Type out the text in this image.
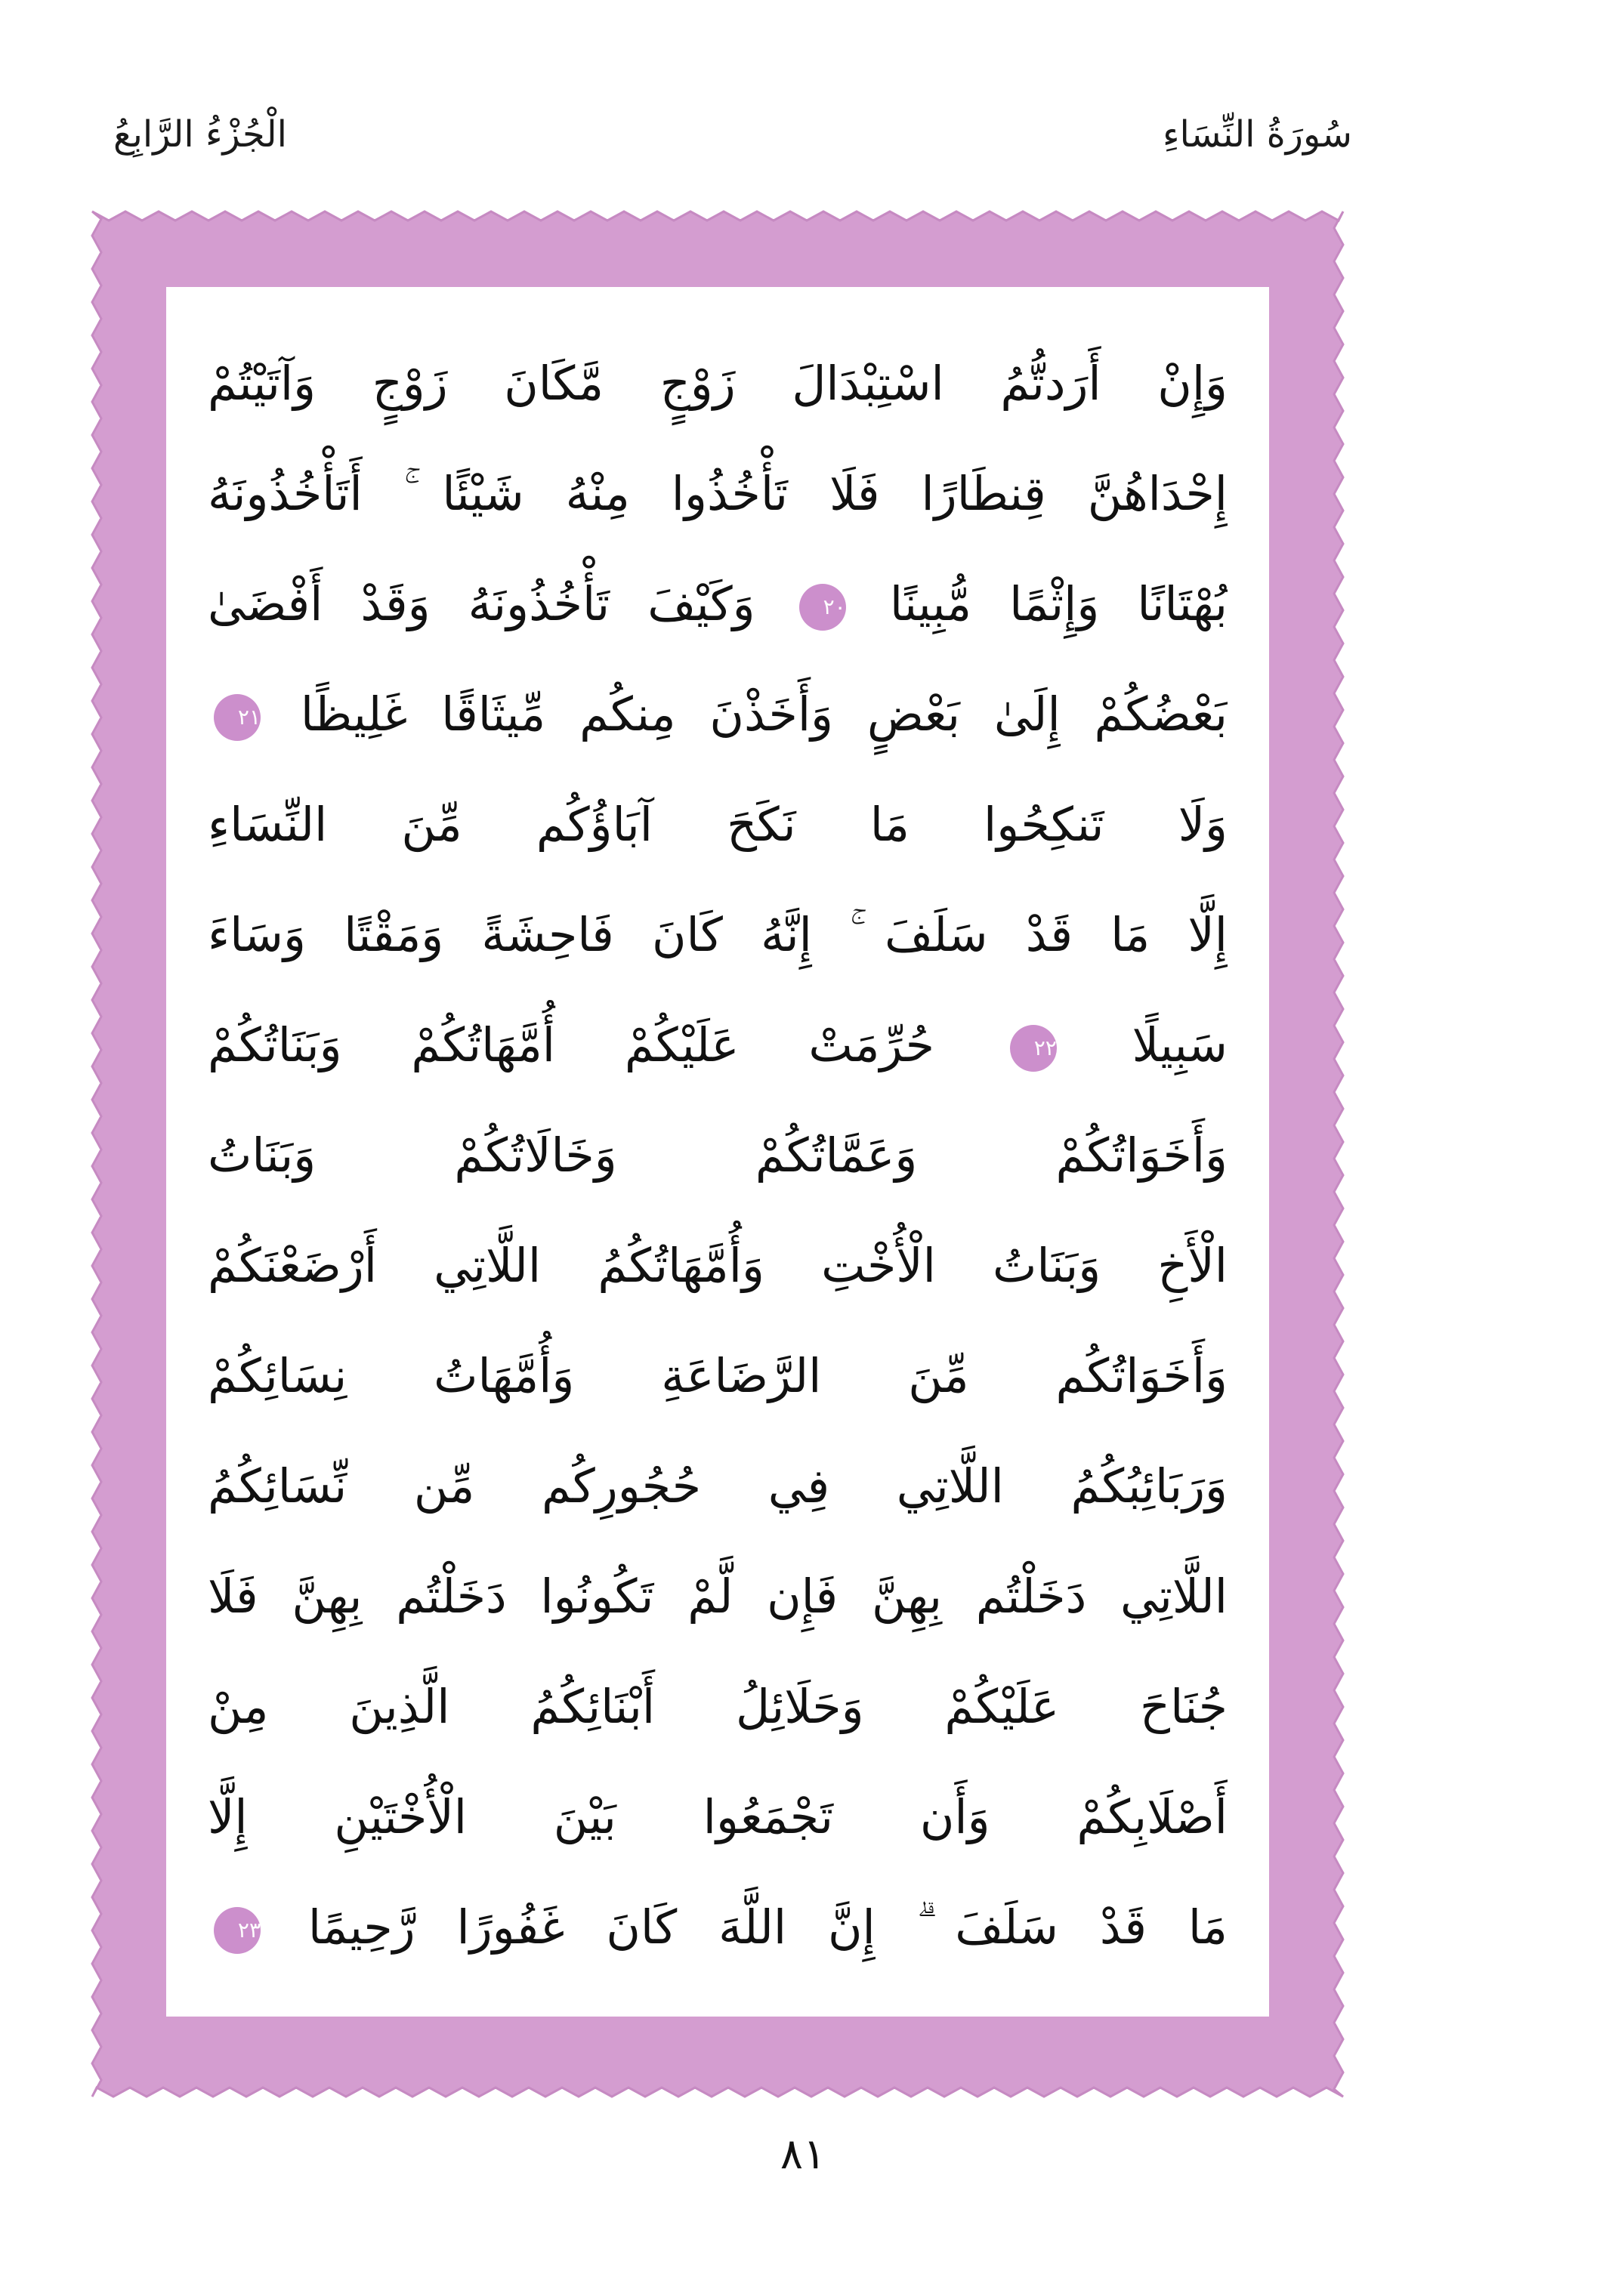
الْجُزْءُ الرَّابِعُ	سُورَةُ النِّسَاءِ
وَإِنْ أَرَدتُّمُ اسْتِبْدَالَ زَوْجٍ مَّكَانَ زَوْجٍ وَآتَيْتُمْ
إِحْدَاهُنَّ قِنطَارًا فَلَا تَأْخُذُوا مِنْهُ شَيْئًا ۚ أَتَأْخُذُونَهُ
بُهْتَانًا وَإِثْمًا مُّبِينًا ٢٠ وَكَيْفَ تَأْخُذُونَهُ وَقَدْ أَفْضَىٰ
بَعْضُكُمْ إِلَىٰ بَعْضٍ وَأَخَذْنَ مِنكُم مِّيثَاقًا غَلِيظًا ٢١
وَلَا تَنكِحُوا مَا نَكَحَ آبَاؤُكُم مِّنَ النِّسَاءِ
إِلَّا مَا قَدْ سَلَفَ ۚ إِنَّهُ كَانَ فَاحِشَةً وَمَقْتًا وَسَاءَ
سَبِيلًا ٢٢ حُرِّمَتْ عَلَيْكُمْ أُمَّهَاتُكُمْ وَبَنَاتُكُمْ
وَأَخَوَاتُكُمْ وَعَمَّاتُكُمْ وَخَالَاتُكُمْ وَبَنَاتُ
الْأَخِ وَبَنَاتُ الْأُخْتِ وَأُمَّهَاتُكُمُ اللَّاتِي أَرْضَعْنَكُمْ
وَأَخَوَاتُكُم مِّنَ الرَّضَاعَةِ وَأُمَّهَاتُ نِسَائِكُمْ
وَرَبَائِبُكُمُ اللَّاتِي فِي حُجُورِكُم مِّن نِّسَائِكُمُ
اللَّاتِي دَخَلْتُم بِهِنَّ فَإِن لَّمْ تَكُونُوا دَخَلْتُم بِهِنَّ فَلَا
جُنَاحَ عَلَيْكُمْ وَحَلَائِلُ أَبْنَائِكُمُ الَّذِينَ مِنْ
أَصْلَابِكُمْ وَأَن تَجْمَعُوا بَيْنَ الْأُخْتَيْنِ إِلَّا
مَا قَدْ سَلَفَ ۗ إِنَّ اللَّهَ كَانَ غَفُورًا رَّحِيمًا ٢٣
٨١
